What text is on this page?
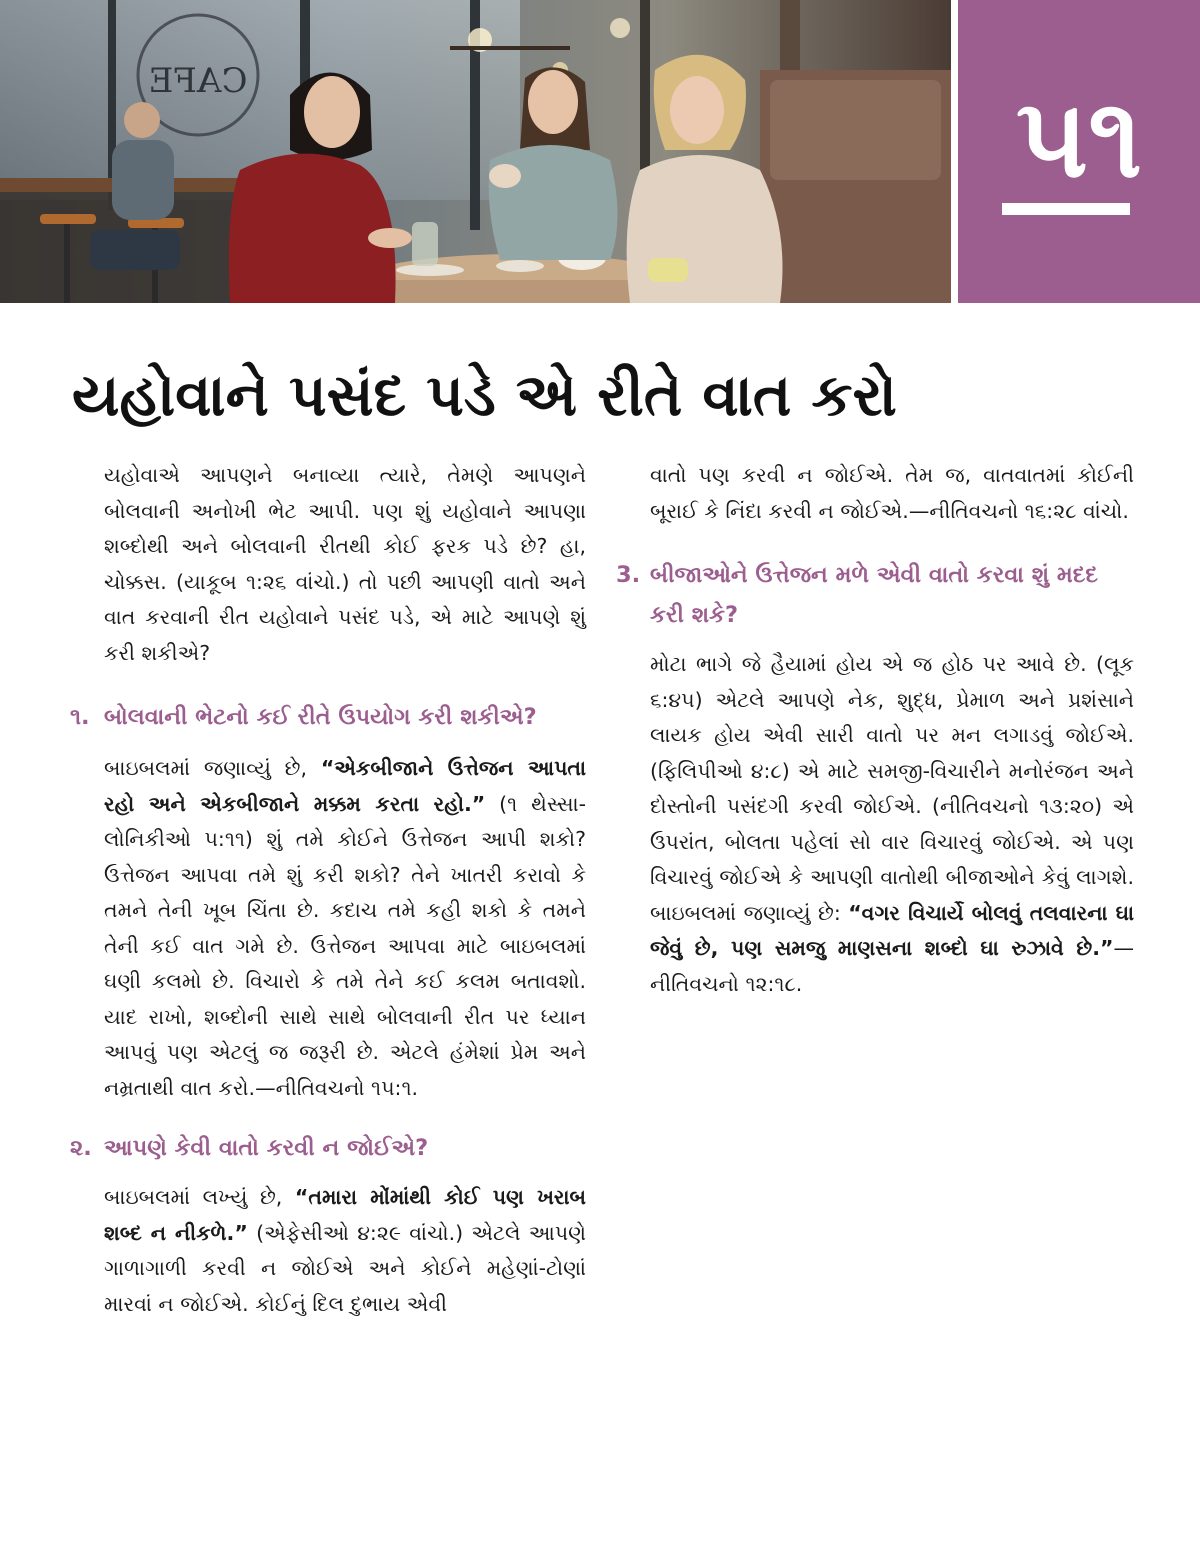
CAFE	૫૧
યહોવાને પસંદ પડે એ રીતે વાત કરો

યહોવાએ આપણને બનાવ્યા ત્યારે, તેમણે આપણને બોલવાની અનોખી ભેટ આપી. પણ શું યહોવાને આપણા શબ્દોથી અને બોલવાની રીતથી કોઈ ફરક પડે છે? હા, ચોક્કસ. (યાકૂબ ૧:૨૬ વાંચો.) તો પછી આપણી વાતો અને વાત કરવાની રીત યહોવાને પસંદ પડે, એ માટે આપણે શું કરી શકીએ?

૧. બોલવાની ભેટનો કઈ રીતે ઉપયોગ કરી શકીએ?

બાઇબલમાં જણાવ્યું છે, “એકબીજાને ઉત્તેજન આપતા રહો અને એકબીજાને મક્કમ કરતા રહો.” (૧ થેસ્સાલોનિકીઓ ૫:૧૧) શું તમે કોઈને ઉત્તેજન આપી શકો? ઉત્તેજન આપવા તમે શું કરી શકો? તેને ખાતરી કરાવો કે તમને તેની ખૂબ ચિંતા છે. કદાચ તમે કહી શકો કે તમને તેની કઈ વાત ગમે છે. ઉત્તેજન આપવા માટે બાઇબલમાં ઘણી કલમો છે. વિચારો કે તમે તેને કઈ કલમ બતાવશો. યાદ રાખો, શબ્દોની સાથે સાથે બોલવાની રીત પર ધ્યાન આપવું પણ એટલું જ જરૂરી છે. એટલે હંમેશાં પ્રેમ અને નમ્રતાથી વાત કરો.—નીતિવચનો ૧૫:૧.

૨. આપણે કેવી વાતો કરવી ન જોઈએ?

બાઇબલમાં લખ્યું છે, “તમારા મોંમાંથી કોઈ પણ ખરાબ શબ્દ ન નીકળે.” (એફેસીઓ ૪:૨૯ વાંચો.) એટલે આપણે ગાળાગાળી કરવી ન જોઈએ અને કોઈને મહેણાં-ટોણાં મારવાં ન જોઈએ. કોઈનું દિલ દુભાય એવી

વાતો પણ કરવી ન જોઈએ. તેમ જ, વાતવાતમાં કોઈની બૂરાઈ કે નિંદા કરવી ન જોઈએ.—નીતિવચનો ૧૬:૨૮ વાંચો.

3. બીજાઓને ઉત્તેજન મળે એવી વાતો કરવા શું મદદ કરી શકે?

મોટા ભાગે જે હૈયામાં હોય એ જ હોઠ પર આવે છે. (લૂક ૬:૪૫) એટલે આપણે નેક, શુદ્ધ, પ્રેમાળ અને પ્રશંસાને લાયક હોય એવી સારી વાતો પર મન લગાડવું જોઈએ. (ફિલિપીઓ ૪:૮) એ માટે સમજી-વિચારીને મનોરંજન અને દોસ્તોની પસંદગી કરવી જોઈએ. (નીતિવચનો ૧૩:૨૦) એ ઉપરાંત, બોલતા પહેલાં સો વાર વિચારવું જોઈએ. એ પણ વિચારવું જોઈએ કે આપણી વાતોથી બીજાઓને કેવું લાગશે. બાઇબલમાં જણાવ્યું છે: “વગર વિચાર્યે બોલવું તલવારના ઘા જેવું છે, પણ સમજુ માણસના શબ્દો ઘા રુઝાવે છે.”—નીતિવચનો ૧૨:૧૮.
